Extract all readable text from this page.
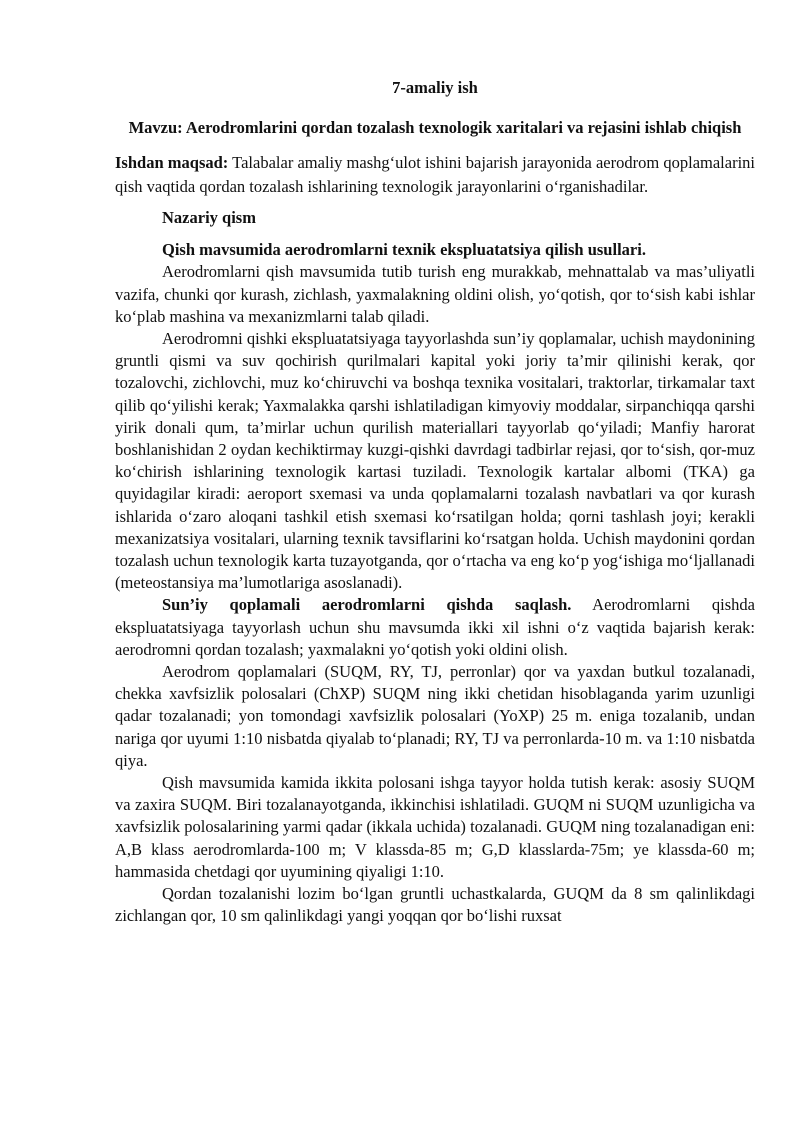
7-amaliy ish
Mavzu: Aerodromlarini qordan tozalash texnologik xaritalari va rejasini ishlab chiqish

Ishdan maqsad: Talabalar amaliy mashg‘ulot ishini bajarish jarayonida aerodrom qoplamalarini qish vaqtida qordan tozalash ishlarining texnologik jarayonlarini o‘rganishadilar.

Nazariy qism

Qish mavsumida aerodromlarni texnik ekspluatatsiya qilish usullari.

Aerodromlarni qish mavsumida tutib turish eng murakkab, mehnattalab va mas’uliyatli vazifa, chunki qor kurash, zichlash, yaxmalakning oldini olish, yo‘qotish, qor to‘sish kabi ishlar ko‘plab mashina va mexanizmlarni talab qiladi.

Aerodromni qishki ekspluatatsiyaga tayyorlashda sun’iy qoplamalar, uchish maydonining gruntli qismi va suv qochirish qurilmalari kapital yoki joriy ta’mir qilinishi kerak, qor tozalovchi, zichlovchi, muz ko‘chiruvchi va boshqa texnika vositalari, traktorlar, tirkamalar taxt qilib qo‘yilishi kerak; Yaxmalakka qarshi ishlatiladigan kimyoviy moddalar, sirpanchiqqa qarshi yirik donali qum, ta’mirlar uchun qurilish materiallari tayyorlab qo‘yiladi; Manfiy harorat boshlanishidan 2 oydan kechiktirmay kuzgi-qishki davrdagi tadbirlar rejasi, qor to‘sish, qor-muz ko‘chirish ishlarining texnologik kartasi tuziladi. Texnologik kartalar albomi (TKA) ga quyidagilar kiradi: aeroport sxemasi va unda qoplamalarni tozalash navbatlari va qor kurash ishlarida o‘zaro aloqani tashkil etish sxemasi ko‘rsatilgan holda; qorni tashlash joyi; kerakli mexanizatsiya vositalari, ularning texnik tavsiflarini ko‘rsatgan holda. Uchish maydonini qordan tozalash uchun texnologik karta tuzayotganda, qor o‘rtacha va eng ko‘p yog‘ishiga mo‘ljallanadi (meteostansiya ma’lumotlariga asoslanadi).

Sun’iy qoplamali aerodromlarni qishda saqlash. Aerodromlarni qishda ekspluatatsiyaga tayyorlash uchun shu mavsumda ikki xil ishni o‘z vaqtida bajarish kerak: aerodromni qordan tozalash; yaxmalakni yo‘qotish yoki oldini olish.

Aerodrom qoplamalari (SUQM, RY, TJ, perronlar) qor va yaxdan butkul tozalanadi, chekka xavfsizlik polosalari (ChXP) SUQM ning ikki chetidan hisoblaganda yarim uzunligi qadar tozalanadi; yon tomondagi xavfsizlik polosalari (YoXP) 25 m. eniga tozalanib, undan nariga qor uyumi 1:10 nisbatda qiyalab to‘planadi; RY, TJ va perronlarda-10 m. va 1:10 nisbatda qiya.

Qish mavsumida kamida ikkita polosani ishga tayyor holda tutish kerak: asosiy SUQM va zaxira SUQM. Biri tozalanayotganda, ikkinchisi ishlatiladi. GUQM ni SUQM uzunligicha va xavfsizlik polosalarining yarmi qadar (ikkala uchida) tozalanadi. GUQM ning tozalanadigan eni: A,B klass aerodromlarda-100 m; V klassda-85 m; G,D klasslarda-75m; ye klassda-60 m; hammasida chetdagi qor uyumining qiyaligi 1:10.

Qordan tozalanishi lozim bo‘lgan gruntli uchastkalarda, GUQM da 8 sm qalinlikdagi zichlangan qor, 10 sm qalinlikdagi yangi yoqqan qor bo‘lishi ruxsat
